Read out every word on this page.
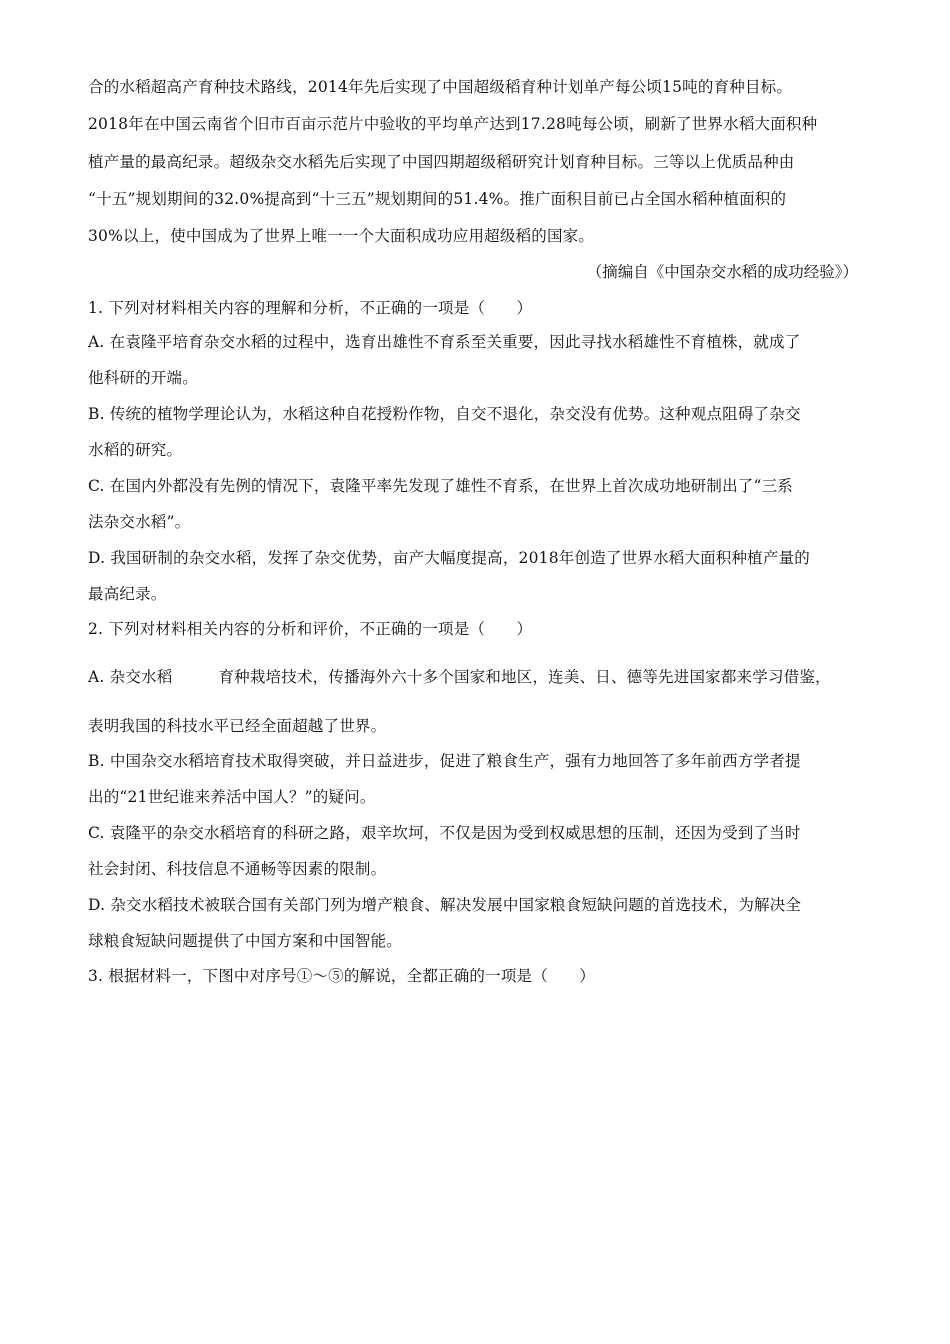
合的水稻超高产育种技术路线，2014年先后实现了中国超级稻育种计划单产每公顷15吨的育种目标。
2018年在中国云南省个旧市百亩示范片中验收的平均单产达到17.28吨每公顷，刷新了世界水稻大面积种
植产量的最高纪录。超级杂交水稻先后实现了中国四期超级稻研究计划育种目标。三等以上优质品种由
“十五”规划期间的32.0%提高到“十三五”规划期间的51.4%。推广面积目前已占全国水稻种植面积的
30%以上，使中国成为了世界上唯一一个大面积成功应用超级稻的国家。
（摘编自《中国杂交水稻的成功经验》）
1. 下列对材料相关内容的理解和分析，不正确的一项是（　　）
A. 在袁隆平培育杂交水稻的过程中，选育出雄性不育系至关重要，因此寻找水稻雄性不育植株，就成了
他科研的开端。
B. 传统的植物学理论认为，水稻这种自花授粉作物，自交不退化，杂交没有优势。这种观点阻碍了杂交
水稻的研究。
C. 在国内外都没有先例的情况下，袁隆平率先发现了雄性不育系，在世界上首次成功地研制出了“三系
法杂交水稻”。
D. 我国研制的杂交水稻，发挥了杂交优势，亩产大幅度提高，2018年创造了世界水稻大面积种植产量的
最高纪录。
2. 下列对材料相关内容的分析和评价，不正确的一项是（　　）
A. 杂交水稻	育种栽培技术，传播海外六十多个国家和地区，连美、日、德等先进国家都来学习借鉴，
表明我国的科技水平已经全面超越了世界。
B. 中国杂交水稻培育技术取得突破，并日益进步，促进了粮食生产，强有力地回答了多年前西方学者提
出的“21世纪谁来养活中国人？”的疑问。
C. 袁隆平的杂交水稻培育的科研之路，艰辛坎坷，不仅是因为受到权威思想的压制，还因为受到了当时
社会封闭、科技信息不通畅等因素的限制。
D. 杂交水稻技术被联合国有关部门列为增产粮食、解决发展中国家粮食短缺问题的首选技术，为解决全
球粮食短缺问题提供了中国方案和中国智能。
3. 根据材料一，下图中对序号①～⑤的解说，全都正确的一项是（　　）
